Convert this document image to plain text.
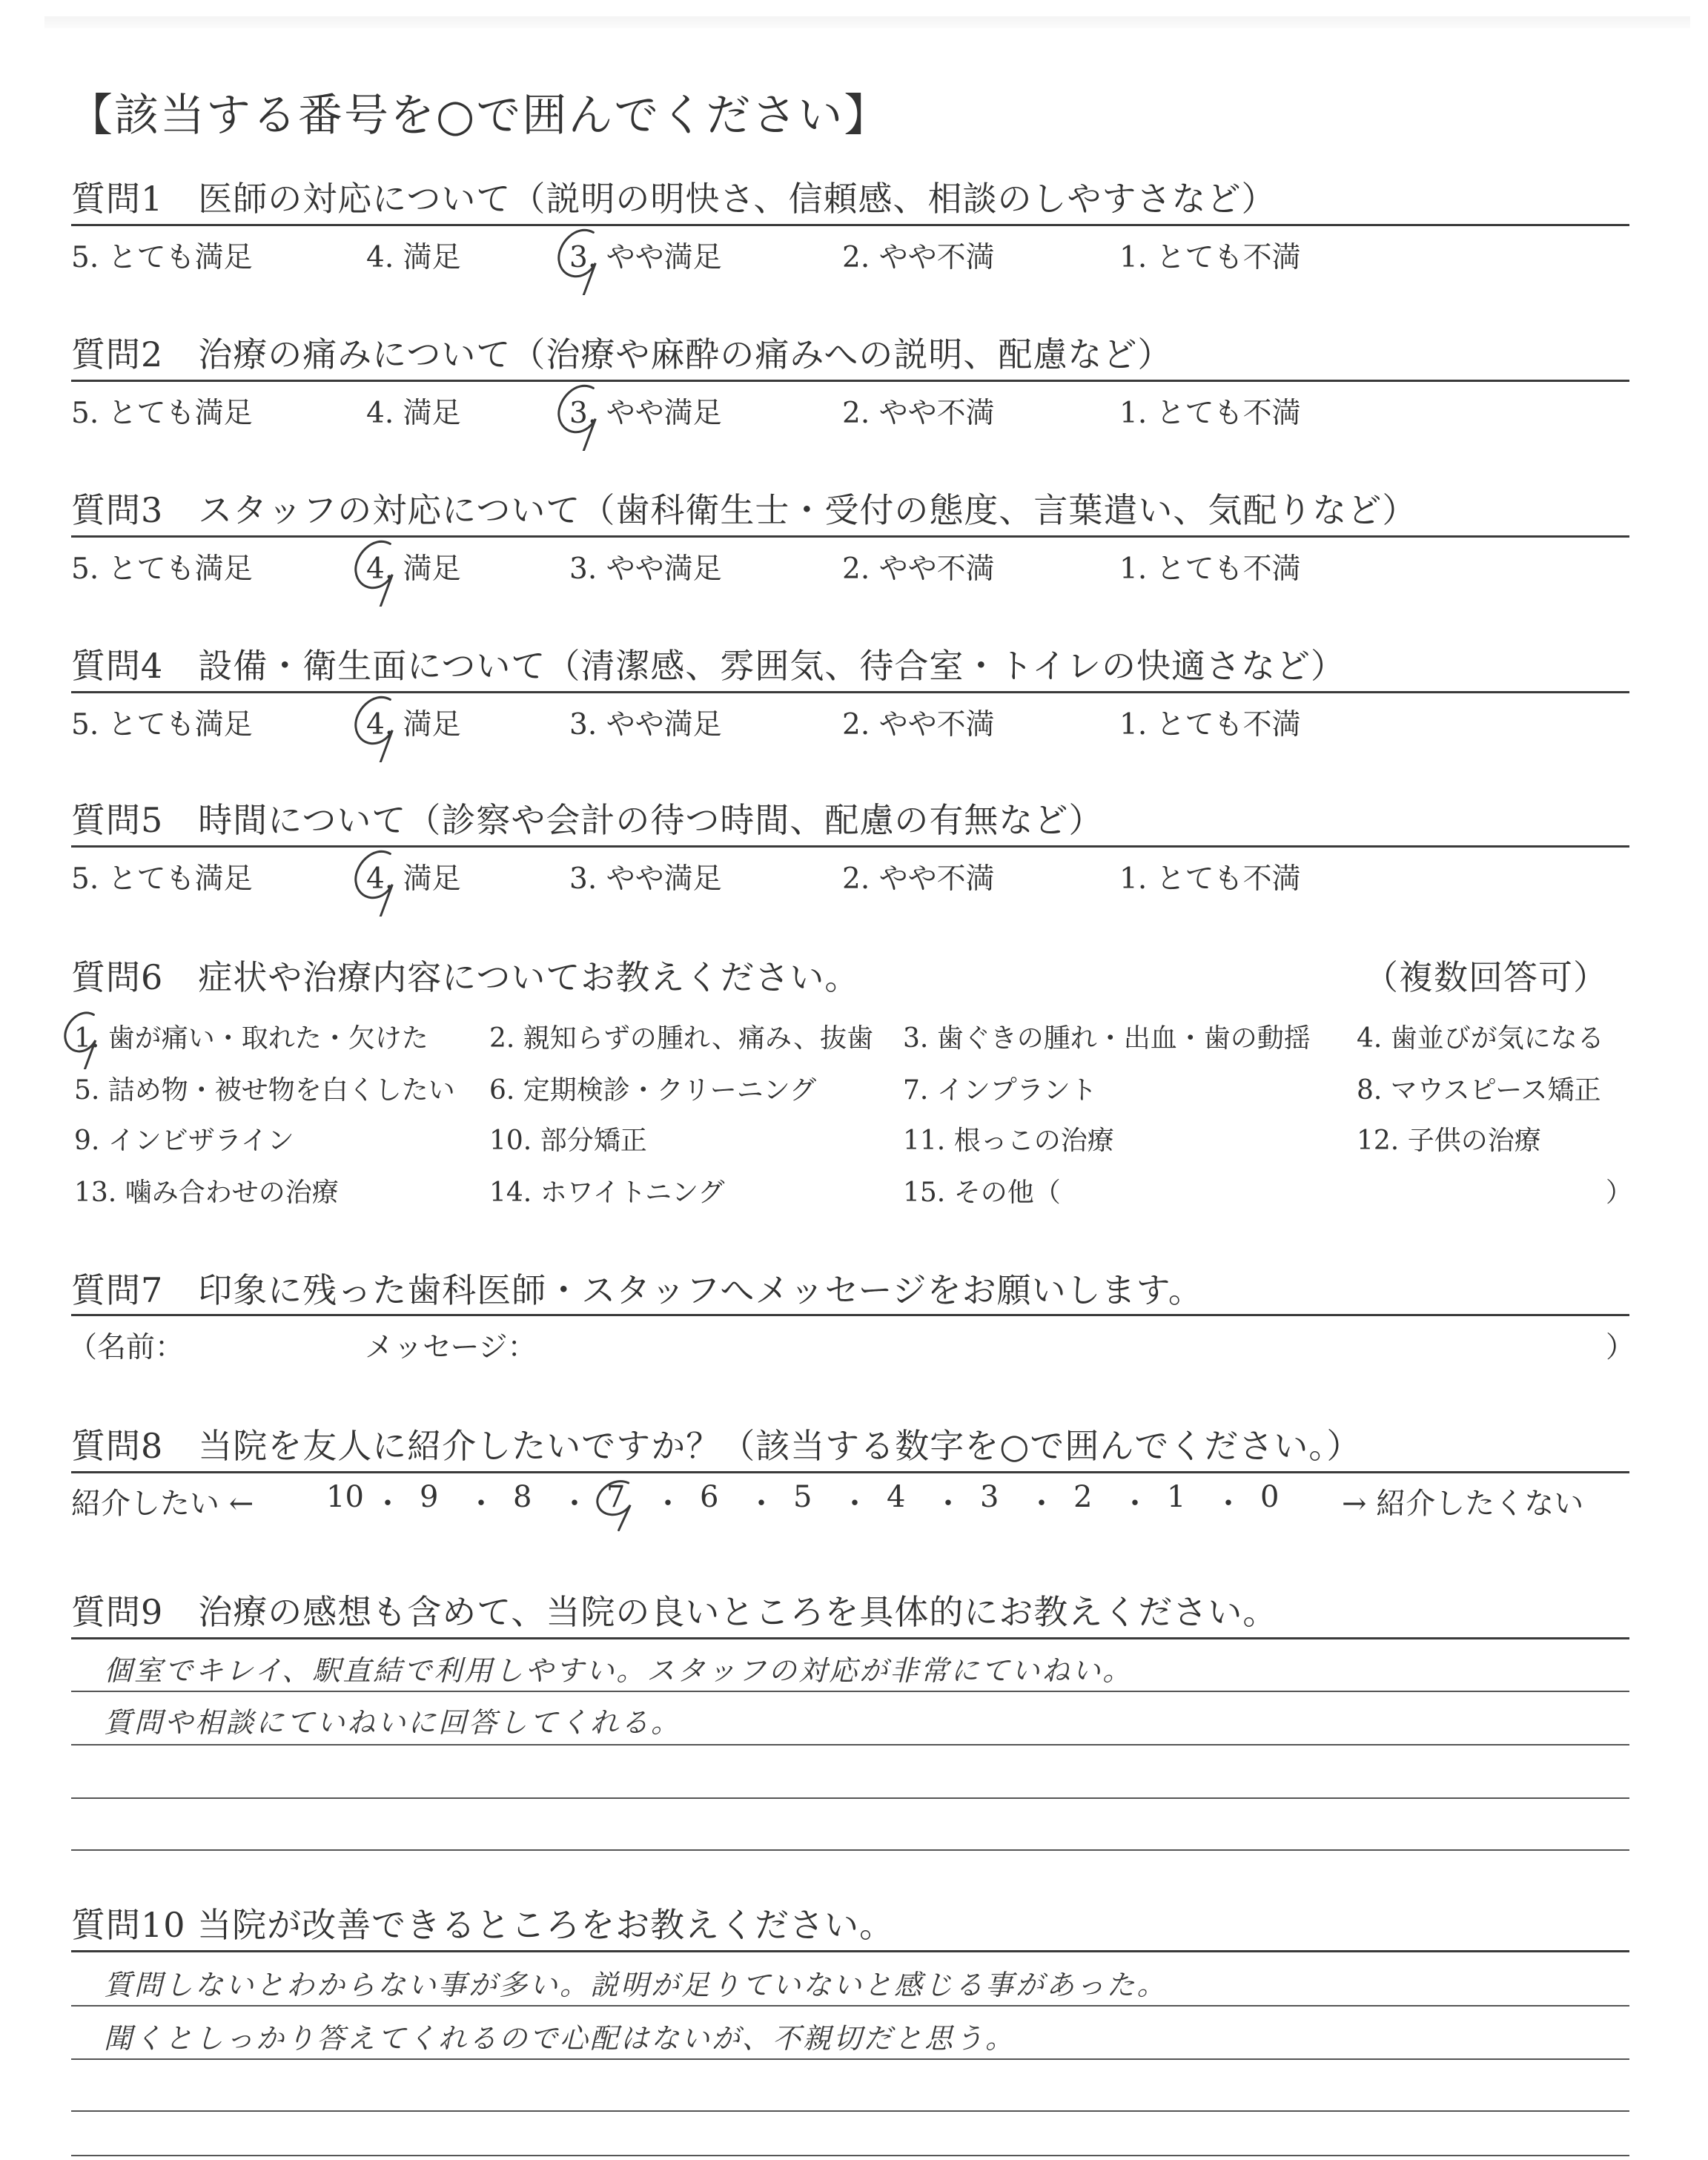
【該当する番号を○で囲んでください】
質問1　医師の対応について（説明の明快さ、信頼感、相談のしやすさなど）
5. とても満足	4. 満足	3. やや満足	2. やや不満	1. とても不満
質問2　治療の痛みについて（治療や麻酔の痛みへの説明、配慮など）
5. とても満足	4. 満足	3. やや満足	2. やや不満	1. とても不満
質問3　スタッフの対応について（歯科衛生士・受付の態度、言葉遣い、気配りなど）
5. とても満足	4. 満足	3. やや満足	2. やや不満	1. とても不満
質問4　設備・衛生面について（清潔感、雰囲気、待合室・トイレの快適さなど）
5. とても満足	4. 満足	3. やや満足	2. やや不満	1. とても不満
質問5　時間について（診察や会計の待つ時間、配慮の有無など）
5. とても満足	4. 満足	3. やや満足	2. やや不満	1. とても不満
質問6　症状や治療内容についてお教えください。	（複数回答可）
1. 歯が痛い・取れた・欠けた 2. 親知らずの腫れ、痛み、抜歯 3. 歯ぐきの腫れ・出血・歯の動揺 4. 歯並びが気になる
5. 詰め物・被せ物を白くしたい 6. 定期検診・クリーニング	7. インプラント	8. マウスピース矯正
9. インビザライン	10. 部分矯正	11. 根っこの治療	12. 子供の治療
13. 噛み合わせの治療	14. ホワイトニング	15. その他（	）
質問7　印象に残った歯科医師・スタッフへメッセージをお願いします。
（名前：	メッセージ：	）
質問8　当院を友人に紹介したいですか？（該当する数字を○で囲んでください。）
紹介したい ←	→ 紹介したくない
10 ・ 9 ・ 8 ・ 7 ・ 6 ・ 5 ・ 4 ・ 3 ・ 2 ・ 1 ・ 0
質問9　治療の感想も含めて、当院の良いところを具体的にお教えください。
個室でキレイ、駅直結で利用しやすい。スタッフの対応が非常にていねい。
質問や相談にていねいに回答してくれる。
質問10 当院が改善できるところをお教えください。
質問しないとわからない事が多い。説明が足りていないと感じる事があった。
聞くとしっかり答えてくれるので心配はないが、不親切だと思う。
